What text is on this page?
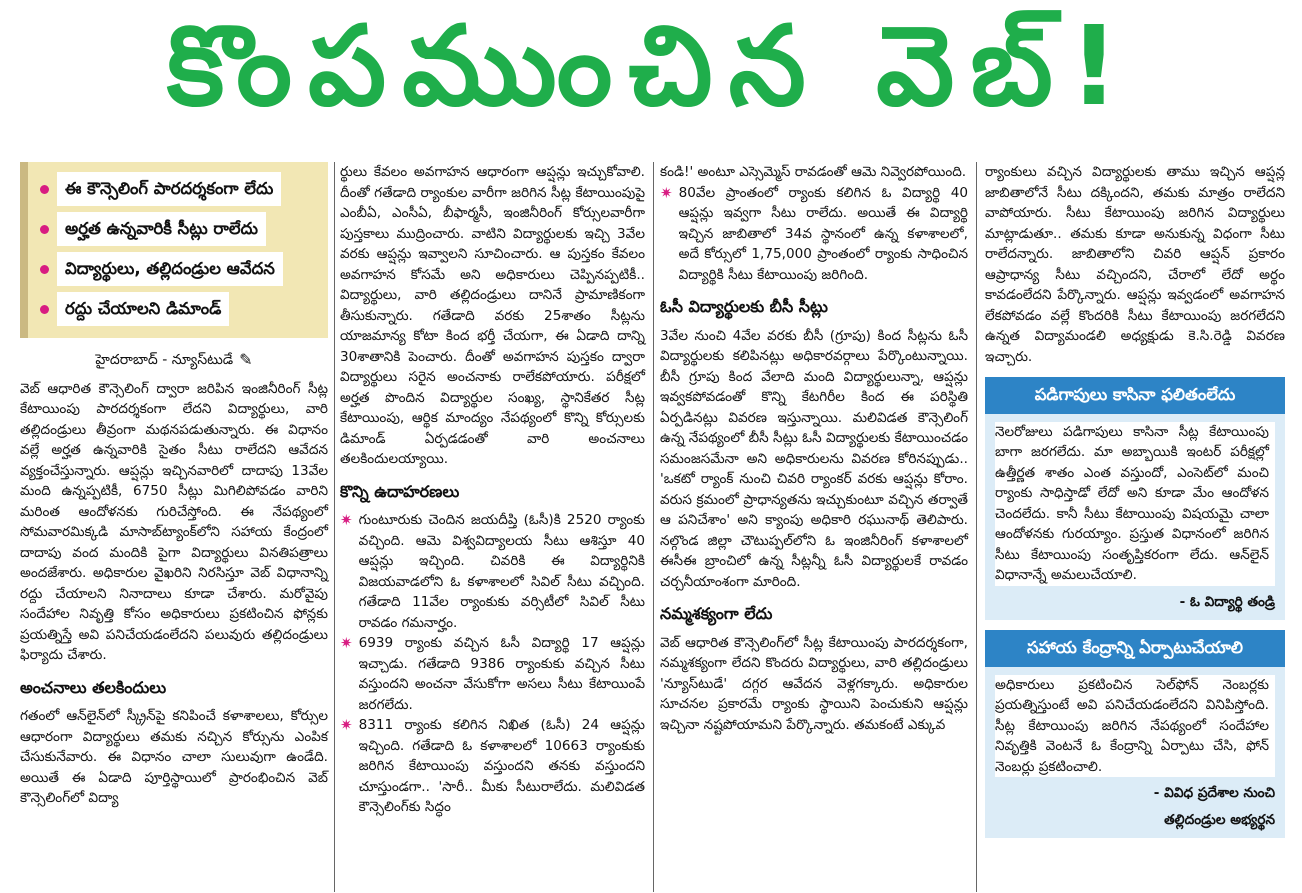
కొంపముంచిన వెబ్!
ఈ కౌన్సెలింగ్ పారదర్శకంగా లేదు
అర్హత ఉన్నవారికీ సీట్లు రాలేదు
విద్యార్థులు, తల్లిదండ్రుల ఆవేదన
రద్దు చేయాలని డిమాండ్
హైదరాబాద్ - న్యూస్‌టుడే ✎

వెబ్ ఆధారిత కౌన్సెలింగ్ ద్వారా జరిపిన ఇంజినీరింగ్ సీట్ల కేటాయింపు పారదర్శకంగా లేదని విద్యార్థులు, వారి తల్లిదండ్రులు తీవ్రంగా మథనపడుతున్నారు. ఈ విధానం వల్లే అర్హత ఉన్నవారికి సైతం సీటు రాలేదని ఆవేదన వ్యక్తంచేస్తున్నారు. ఆప్షన్లు ఇచ్చినవారిలో దాదాపు 13వేల మంది ఉన్నప్పటికీ, 6750 సీట్లు మిగిలిపోవడం వారిని మరింత ఆందోళనకు గురిచేస్తోంది. ఈ నేపథ్యంలో సోమవారమిక్కడి మాసాబ్‌ట్యాంక్‌లోని సహాయ కేంద్రంలో దాదాపు వంద మందికి పైగా విద్యార్థులు వినతిపత్రాలు అందజేశారు. అధికారుల వైఖరిని నిరసిస్తూ వెబ్ విధానాన్ని రద్దు చేయాలని నినాదాలు కూడా చేశారు. మరోవైపు సందేహాల నివృత్తి కోసం అధికారులు ప్రకటించిన ఫోన్లకు ప్రయత్నిస్తే అవి పనిచేయడంలేదని పలువురు తల్లిదండ్రులు ఫిర్యాదు చేశారు.

అంచనాలు తలకిందులు

గతంలో ఆన్‌లైన్‌లో స్క్రీన్‌పై కనిపించే కళాశాలలు, కోర్సుల ఆధారంగా విద్యార్థులు తమకు నచ్చిన కోర్సును ఎంపిక చేసుకునేవారు. ఈ విధానం చాలా సులువుగా ఉండేది. అయితే ఈ ఏడాది పూర్తిస్థాయిలో ప్రారంభించిన వెబ్ కౌన్సెలింగ్‌లో విద్యా

ర్థులు కేవలం అవగాహన ఆధారంగా ఆప్షన్లు ఇచ్చుకోవాలి. దీంతో గతేడాది ర్యాంకుల వారీగా జరిగిన సీట్ల కేటాయింపుపై ఎంబీఏ, ఎంసీఏ, బీఫార్మసీ, ఇంజినీరింగ్ కోర్సులవారీగా పుస్తకాలు ముద్రించారు. వాటిని విద్యార్థులకు ఇచ్చి 3వేల వరకు ఆప్షన్లు ఇవ్వాలని సూచించారు. ఆ పుస్తకం కేవలం అవగాహన కోసమే అని అధికారులు చెప్పినప్పటికీ.. విద్యార్థులు, వారి తల్లిదండ్రులు దానినే ప్రామాణికంగా తీసుకున్నారు. గతేడాది వరకు 25శాతం సీట్లను యాజమాన్య కోటా కింద భర్తీ చేయగా, ఈ ఏడాది దాన్ని 30శాతానికి పెంచారు. దీంతో అవగాహన పుస్తకం ద్వారా విద్యార్థులు సరైన అంచనాకు రాలేకపోయారు. పరీక్షలో అర్హత పొందిన విద్యార్థుల సంఖ్య, స్థానికేతర సీట్ల కేటాయింపు, ఆర్థిక మాంద్యం నేపథ్యంలో కొన్ని కోర్సులకు డిమాండ్ ఏర్పడడంతో వారి అంచనాలు తలకిందులయ్యాయి.

కొన్ని ఉదాహరణలు
✷ గుంటూరుకు చెందిన జయదీప్తి (ఓసీ)కి 2520 ర్యాంకు వచ్చింది. ఆమె విశ్వవిద్యాలయ సీటు ఆశిస్తూ 40 ఆప్షన్లు ఇచ్చింది. చివరికి ఈ విద్యార్థినికి విజయవాడలోని ఓ కళాశాలలో సివిల్ సీటు వచ్చింది. గతేడాది 11వేల ర్యాంకుకు వర్సిటీలో సివిల్ సీటు రావడం గమనార్హం.

✷ 6939 ర్యాంకు వచ్చిన ఓసీ విద్యార్థి 17 ఆప్షన్లు ఇచ్చాడు. గతేడాది 9386 ర్యాంకుకు వచ్చిన సీటు వస్తుందని అంచనా వేసుకోగా అసలు సీటు కేటాయింపే జరగలేదు.

✷ 8311 ర్యాంకు కలిగిన నిఖిత (ఓసీ) 24 ఆప్షన్లు ఇచ్చింది. గతేడాది ఓ కళాశాలలో 10663 ర్యాంకుకు జరిగిన కేటాయింపు వస్తుందని తనకు వస్తుందని చూస్తుండగా.. 'సారీ.. మీకు సీటురాలేదు. మలివిడత కౌన్సెలింగ్‌కు సిద్ధం

కండి!' అంటూ ఎస్సెమ్మెస్ రావడంతో ఆమె నివ్వెరపోయింది.

✷ 80వేల ప్రాంతంలో ర్యాంకు కలిగిన ఓ విద్యార్థి 40 ఆప్షన్లు ఇవ్వగా సీటు రాలేదు. అయితే ఈ విద్యార్థి ఇచ్చిన జాబితాలో 34వ స్థానంలో ఉన్న కళాశాలలో, అదే కోర్సులో 1,75,000 ప్రాంతంలో ర్యాంకు సాధించిన విద్యార్థికి సీటు కేటాయింపు జరిగింది.

ఓసీ విద్యార్థులకు బీసీ సీట్లు

3వేల నుంచి 4వేల వరకు బీసీ (గ్రూపు) కింద సీట్లను ఓసీ విద్యార్థులకు కలిపినట్లు అధికారవర్గాలు పేర్కొంటున్నాయి. బీసీ గ్రూపు కింద వేలాది మంది విద్యార్థులున్నా, ఆప్షన్లు ఇవ్వకపోవడంతో కొన్ని కేటగిరీల కింద ఈ పరిస్థితి ఏర్పడినట్లు వివరణ ఇస్తున్నాయి. మలివిడత కౌన్సెలింగ్ ఉన్న నేపథ్యంలో బీసీ సీట్లు ఓసీ విద్యార్థులకు కేటాయించడం సమంజసమేనా అని అధికారులను వివరణ కోరినప్పుడు.. 'ఒకటో ర్యాంక్ నుంచి చివరి ర్యాంకర్ వరకు ఆప్షన్లు కోరాం. వరుస క్రమంలో ప్రాధాన్యతను ఇచ్చుకుంటూ వచ్చిన తర్వాతే ఆ పనిచేశాం' అని క్యాంపు అధికారి రఘునాథ్ తెలిపారు. నల్గొండ జిల్లా చౌటుప్పల్‌లోని ఓ ఇంజినీరింగ్ కళాశాలలో ఈసీఈ బ్రాంచిలో ఉన్న సీట్లన్నీ ఓసీ విద్యార్థులకే రావడం చర్చనీయాంశంగా మారింది.

నమ్మశక్యంగా లేదు

వెబ్ ఆధారిత కౌన్సెలింగ్‌లో సీట్ల కేటాయింపు పారదర్శకంగా, నమ్మశక్యంగా లేదని కొందరు విద్యార్థులు, వారి తల్లిదండ్రులు 'న్యూస్‌టుడే' దగ్గర ఆవేదన వెళ్లగక్కారు. అధికారుల సూచనల ప్రకారమే ర్యాంకు స్థాయిని పెంచుకుని ఆప్షన్లు ఇచ్చినా నష్టపోయామని పేర్కొన్నారు. తమకంటే ఎక్కువ

ర్యాంకులు వచ్చిన విద్యార్థులకు తాము ఇచ్చిన ఆప్షన్ల జాబితాలోనే సీటు దక్కిందని, తమకు మాత్రం రాలేదని వాపోయారు. సీటు కేటాయింపు జరిగిన విద్యార్థులు మాట్లాడుతూ.. తమకు కూడా అనుకున్న విధంగా సీటు రాలేదన్నారు. జాబితాలోని చివరి ఆప్షన్ ప్రకారం ఆప్రాధాన్య సీటు వచ్చిందని, చేరాలో లేదో అర్థం కావడంలేదని పేర్కొన్నారు. ఆప్షన్లు ఇవ్వడంలో అవగాహన లేకపోవడం వల్లే కొందరికి సీటు కేటాయింపు జరగలేదని ఉన్నత విద్యామండలి అధ్యక్షుడు కె.సి.రెడ్డి వివరణ ఇచ్చారు.

పడిగాపులు కాసినా ఫలితంలేదు
నెలరోజులు పడిగాపులు కాసినా సీట్ల కేటాయింపు బాగా జరగలేదు. మా అబ్బాయికి ఇంటర్ పరీక్షల్లో ఉత్తీర్ణత శాతం ఎంత వస్తుందో, ఎంసెట్‌లో మంచి ర్యాంకు సాధిస్తాడో లేదో అని కూడా మేం ఆందోళన చెందలేదు. కానీ సీటు కేటాయింపు విషయమై చాలా ఆందోళనకు గురయ్యాం. ప్రస్తుత విధానంలో జరిగిన సీటు కేటాయింపు సంతృప్తికరంగా లేదు. ఆన్‌లైన్ విధానాన్నే అమలుచేయాలి.
- ఓ విద్యార్థి తండ్రి
సహాయ కేంద్రాన్ని ఏర్పాటుచేయాలి
అధికారులు ప్రకటించిన సెల్‌ఫోన్ నెంబర్లకు ప్రయత్నిస్తుంటే అవి పనిచేయడంలేదని వినిపిస్తోంది. సీట్ల కేటాయింపు జరిగిన నేపథ్యంలో సందేహాల నివృత్తికి వెంటనే ఓ కేంద్రాన్ని ఏర్పాటు చేసి, ఫోన్ నెంబర్లు ప్రకటించాలి.
- వివిధ ప్రదేశాల నుంచి
తల్లిదండ్రుల అభ్యర్థన
